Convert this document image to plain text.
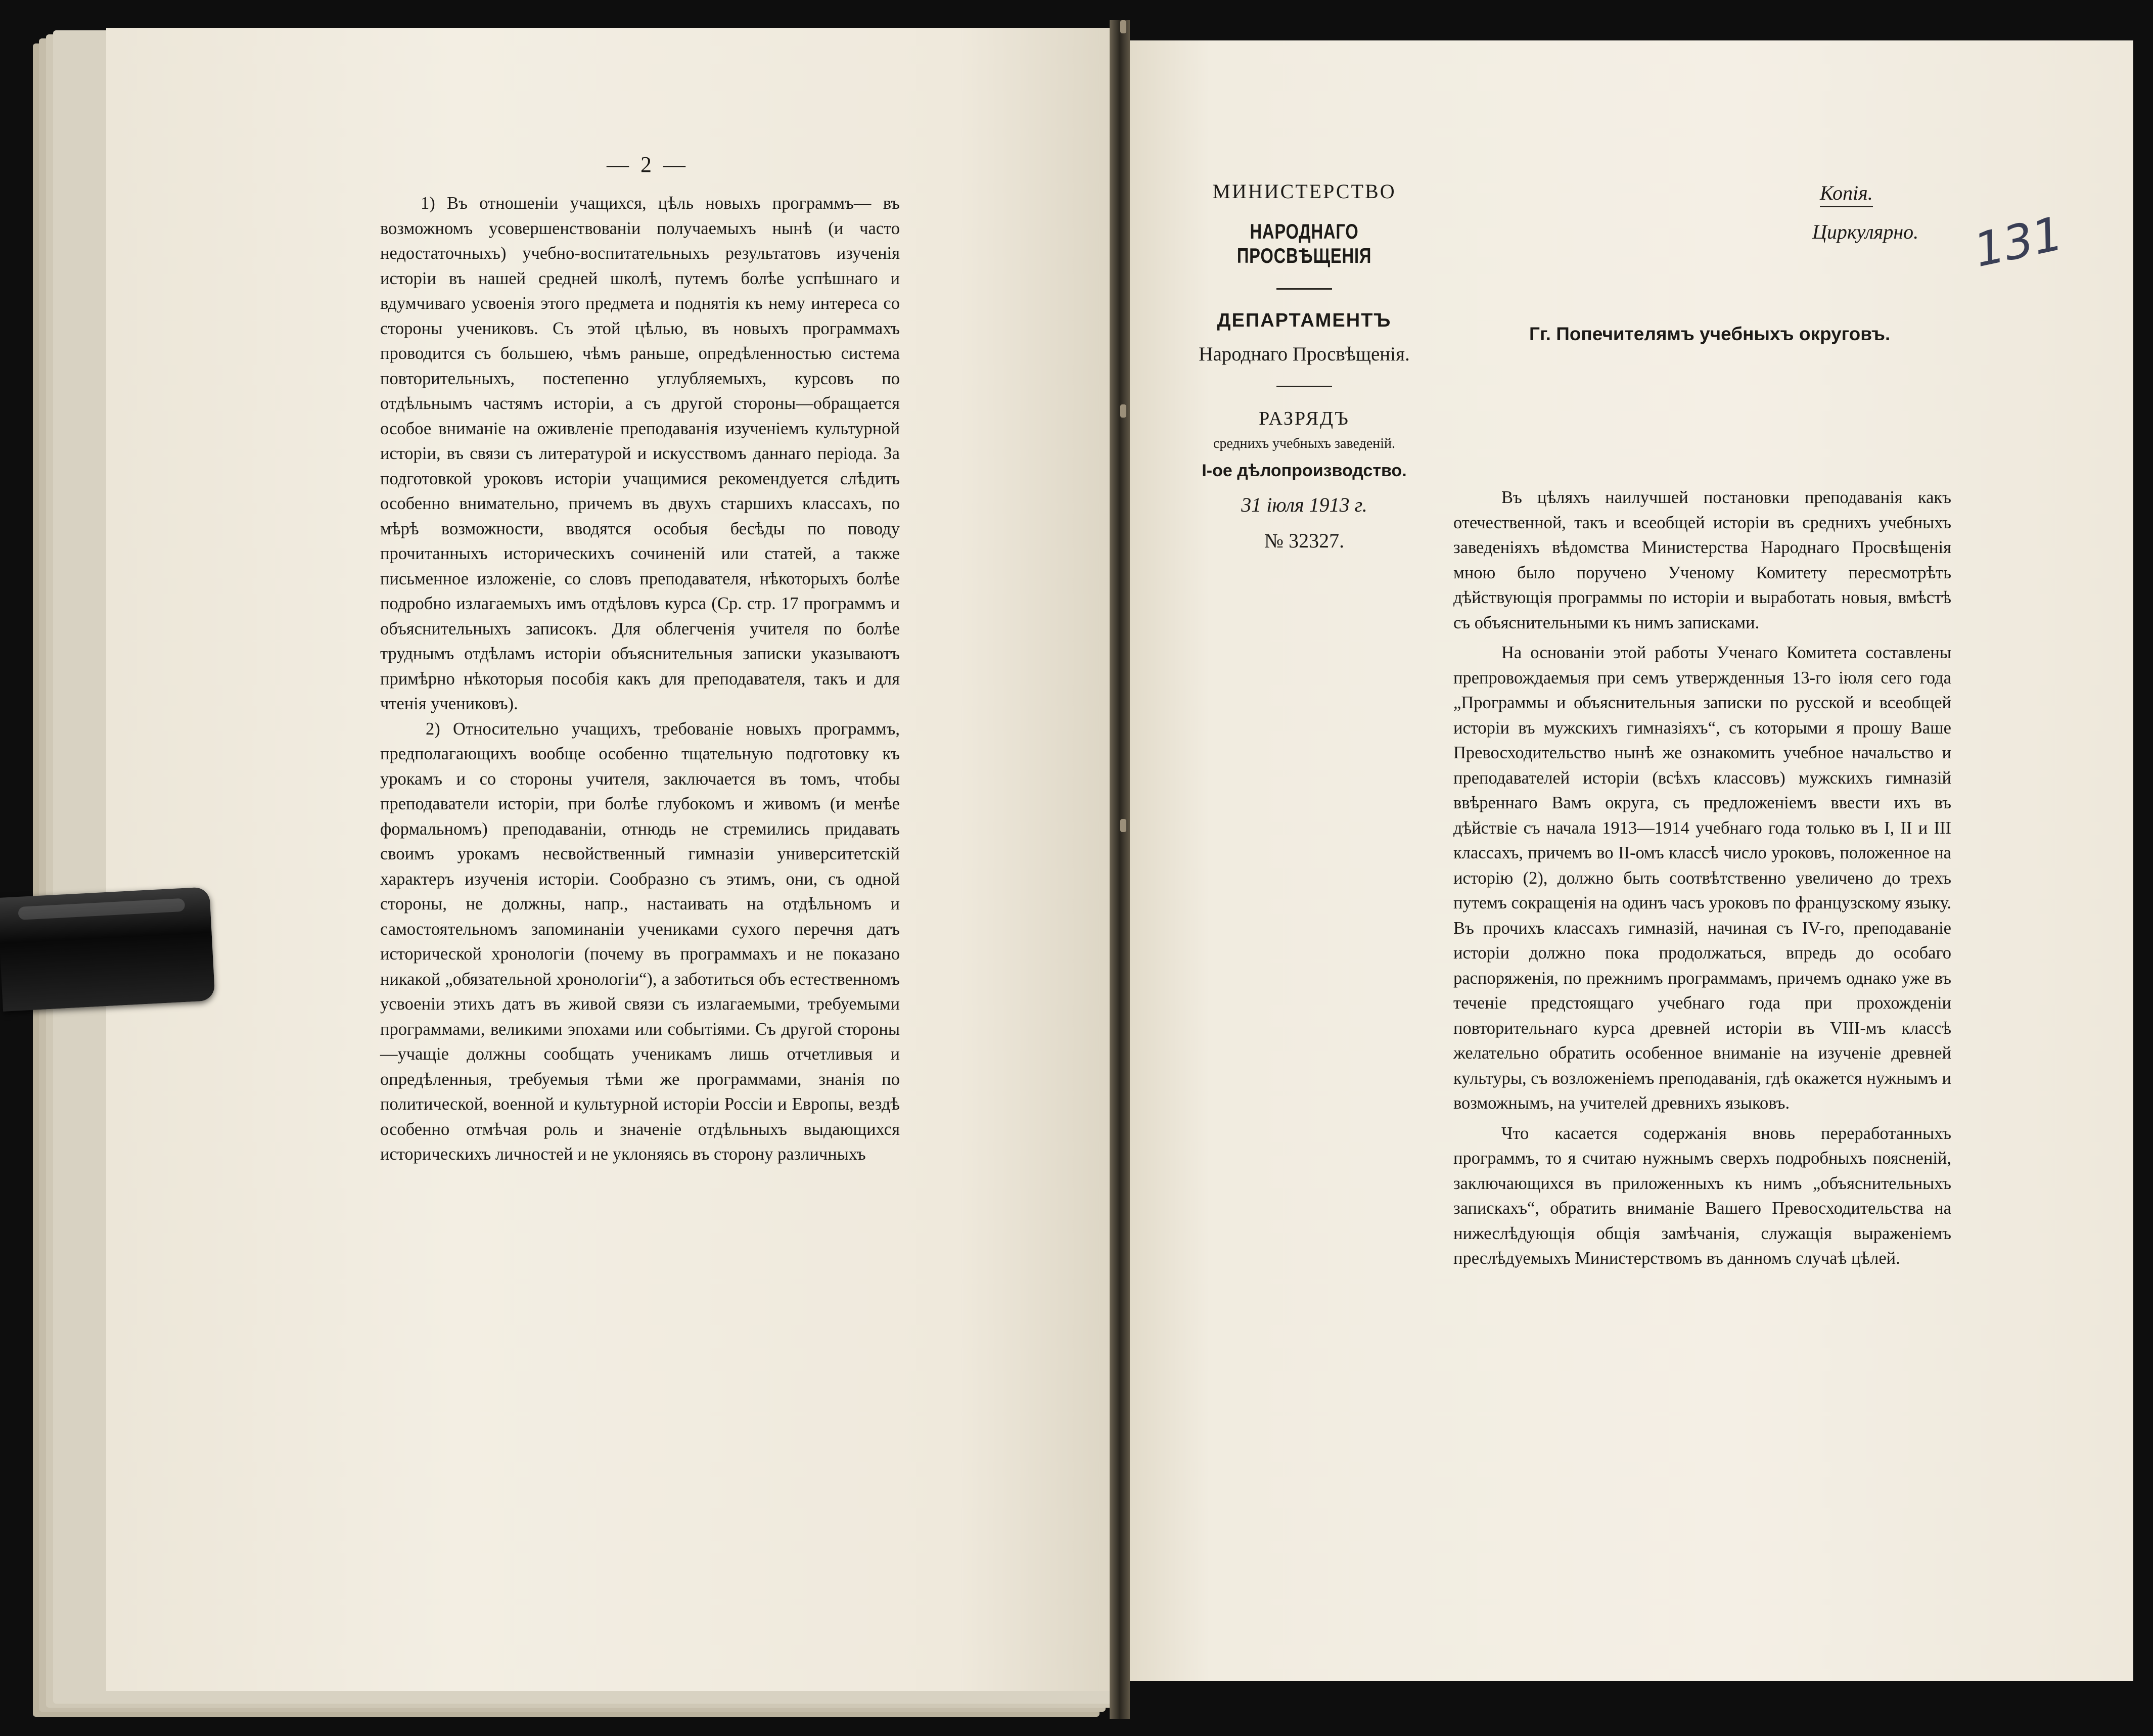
— 2 —

1) Въ отношенiи учащихся, цѣль новыхъ программъ— въ возможномъ усовершенствованiи получаемыхъ нынѣ (и часто недостаточныхъ) учебно-воспитательныхъ результатовъ изученiя исторiи въ нашей средней школѣ, путемъ болѣе успѣшнаго и вдумчиваго усвоенiя этого предмета и поднятiя къ нему интереса со стороны учениковъ. Съ этой цѣлью, въ новыхъ программахъ проводится съ большею, чѣмъ раньше, опредѣленностью система повторительныхъ, постепенно углубляемыхъ, курсовъ по отдѣльнымъ частямъ исторiи, а съ другой стороны—обращается особое вниманiе на оживленiе преподаванiя изученiемъ культурной исторiи, въ связи съ литературой и искусствомъ даннаго перiода. За подготовкой уроковъ исторiи учащимися рекомендуется слѣдить особенно внимательно, причемъ въ двухъ старшихъ классахъ, по мѣрѣ возможности, вводятся особыя бесѣды по поводу прочитанныхъ историческихъ сочиненiй или статей, а также письменное изложенiе, со словъ преподавателя, нѣкоторыхъ болѣе подробно излагаемыхъ имъ отдѣловъ курса (Ср. стр. 17 программъ и объяснительныхъ записокъ. Для облегченiя учителя по болѣе труднымъ отдѣламъ исторiи объяснительныя записки указываютъ примѣрно нѣкоторыя пособiя какъ для преподавателя, такъ и для чтенiя учениковъ).

2) Относительно учащихъ, требованiе новыхъ программъ, предполагающихъ вообще особенно тщательную подготовку къ урокамъ и со стороны учителя, заключается въ томъ, чтобы преподаватели исторiи, при болѣе глубокомъ и живомъ (и менѣе формальномъ) преподаванiи, отнюдь не стремились придавать своимъ урокамъ несвойственный гимназiи университетскiй характеръ изученiя исторiи. Сообразно съ этимъ, они, съ одной стороны, не должны, напр., настаивать на отдѣльномъ и самостоятельномъ запоминанiи учениками сухого перечня датъ исторической хронологiи (почему въ программахъ и не показано никакой „обязательной хронологiи“), а заботиться объ естественномъ усвоенiи этихъ датъ въ живой связи съ излагаемыми, требуемыми программами, великими эпохами или событiями. Съ другой стороны—учащiе должны сообщать ученикамъ лишь отчетливыя и опредѣленныя, требуемыя тѣми же программами, знанiя по политической, военной и культурной исторiи Россiи и Европы, вездѣ особенно отмѣчая роль и значенiе отдѣльныхъ выдающихся историческихъ личностей и не уклоняясь въ сторону различныхъ

МИНИСТЕРСТВО
НАРОДНАГО ПРОСВѢЩЕНIЯ
ДЕПАРТАМЕНТЪ
Народнаго Просвѣщенiя.
РАЗРЯДЪ
среднихъ учебныхъ заведенiй.
I-ое дѣлопроизводство.
31 iюля 1913 г.
№ 32327.
Копiя.
Циркулярно. 131
Гг. Попечителямъ учебныхъ округовъ.

Въ цѣляхъ наилучшей постановки преподаванiя какъ отечественной, такъ и всеобщей исторiи въ среднихъ учебныхъ заведенiяхъ вѣдомства Министерства Народнаго Просвѣщенiя мною было поручено Ученому Комитету пересмотрѣть дѣйствующiя программы по исторiи и выработать новыя, вмѣстѣ съ объяснительными къ нимъ записками.

На основанiи этой работы Ученаго Комитета составлены препровождаемыя при семъ утвержденныя 13-го iюля сего года „Программы и объяснительныя записки по русской и всеобщей исторiи въ мужскихъ гимназiяхъ“, съ которыми я прошу Ваше Превосходительство нынѣ же ознакомить учебное начальство и преподавателей исторiи (всѣхъ классовъ) мужскихъ гимназiй ввѣреннаго Вамъ округа, съ предложенiемъ ввести ихъ въ дѣйствiе съ начала 1913—1914 учебнаго года только въ I, II и III классахъ, причемъ во II-омъ классѣ число уроковъ, положенное на исторiю (2), должно быть соотвѣтственно увеличено до трехъ путемъ сокращенiя на одинъ часъ уроковъ по французскому языку. Въ прочихъ классахъ гимназiй, начиная съ IV-го, преподаванiе исторiи должно пока продолжаться, впредь до особаго распоряженiя, по прежнимъ программамъ, причемъ однако уже въ теченiе предстоящаго учебнаго года при прохожденiи повторительнаго курса древней исторiи въ VIII-мъ классѣ желательно обратить особенное вниманiе на изученiе древней культуры, съ возложенiемъ преподаванiя, гдѣ окажется нужнымъ и возможнымъ, на учителей древнихъ языковъ.

Что касается содержанiя вновь переработанныхъ программъ, то я считаю нужнымъ сверхъ подробныхъ поясненiй, заключающихся въ приложенныхъ къ нимъ „объяснительныхъ запискахъ“, обратить вниманiе Вашего Превосходительства на нижеслѣдующiя общiя замѣчанiя, служащiя выраженiемъ преслѣдуемыхъ Министерствомъ въ данномъ случаѣ цѣлей.
